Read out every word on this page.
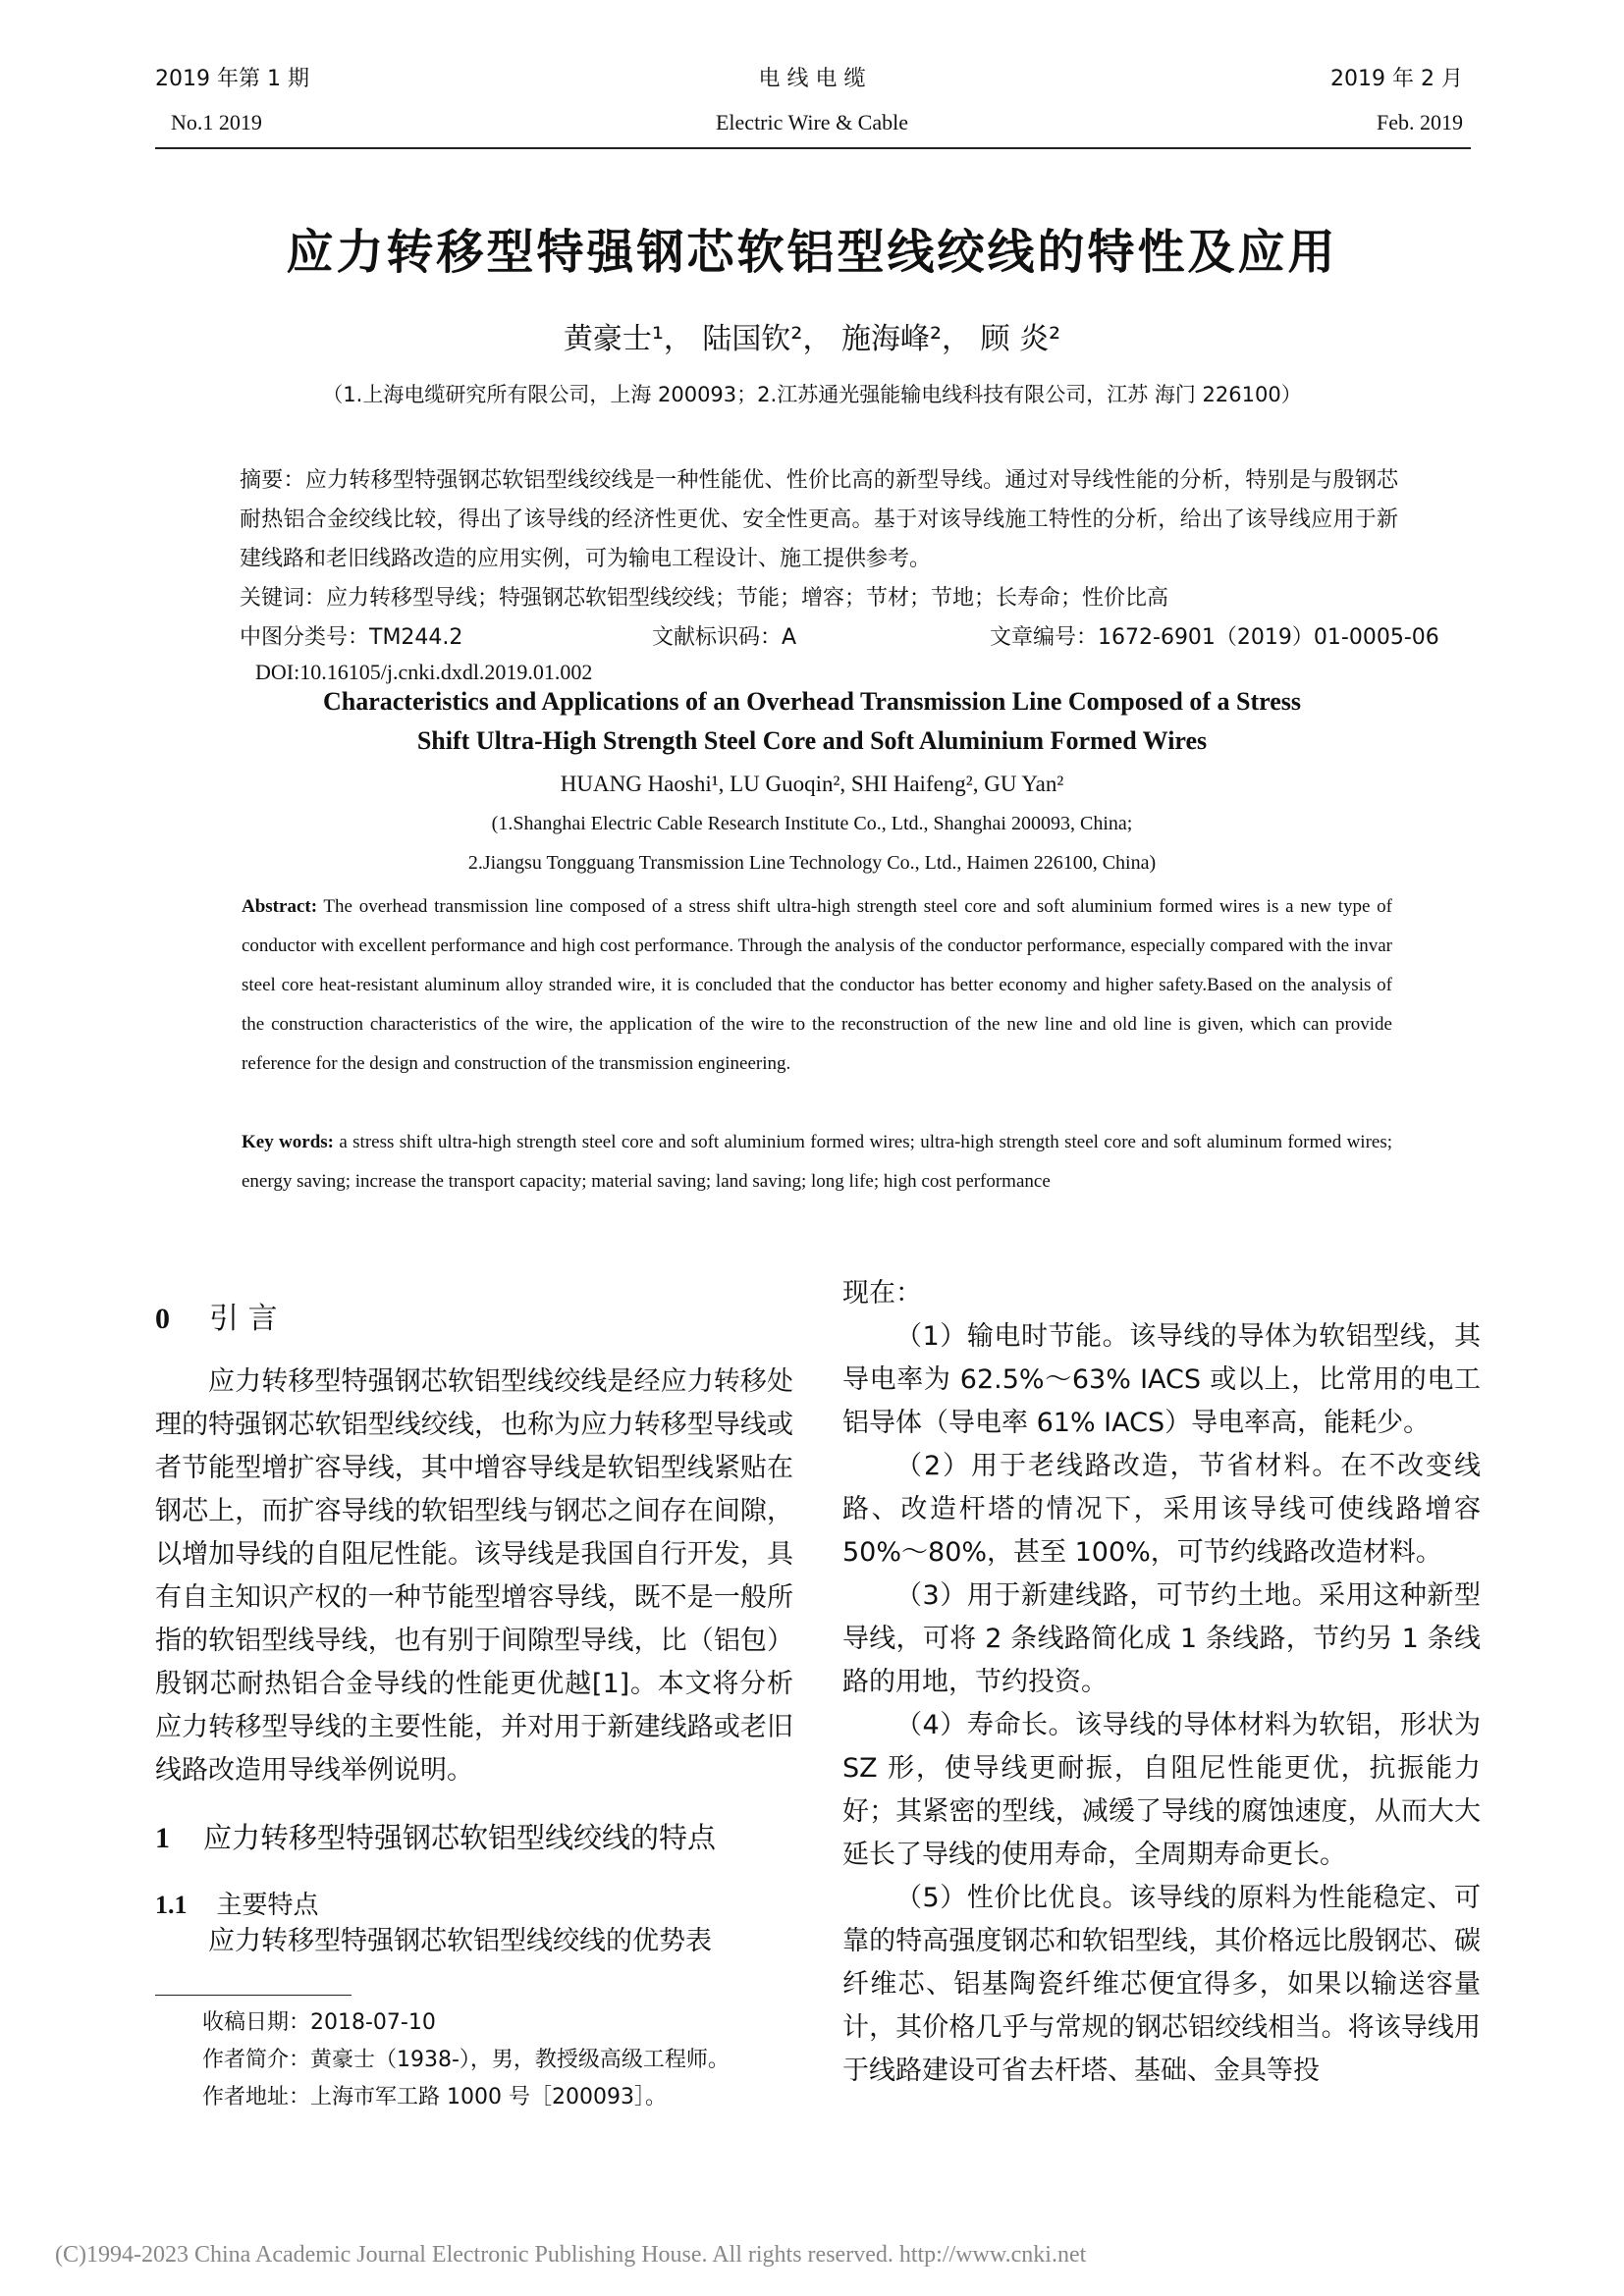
2019 年第 1 期
No.1 2019
电 线 电 缆
Electric Wire & Cable
2019 年 2 月
Feb. 2019
应力转移型特强钢芯软铝型线绞线的特性及应用
黄豪士¹， 陆国钦²， 施海峰²， 顾 炎²
（1.上海电缆研究所有限公司，上海 200093；2.江苏通光强能输电线科技有限公司，江苏 海门 226100）

摘要：应力转移型特强钢芯软铝型线绞线是一种性能优、性价比高的新型导线。通过对导线性能的分析，特别是与殷钢芯耐热铝合金绞线比较，得出了该导线的经济性更优、安全性更高。基于对该导线施工特性的分析，给出了该导线应用于新建线路和老旧线路改造的应用实例，可为输电工程设计、施工提供参考。

关键词：应力转移型导线；特强钢芯软铝型线绞线；节能；增容；节材；节地；长寿命；性价比高

中图分类号：TM244.2	文献标识码：A	文章编号：1672-6901（2019）01-0005-06
DOI:10.16105/j.cnki.dxdl.2019.01.002
Characteristics and Applications of an Overhead Transmission Line Composed of a Stress
Shift Ultra-High Strength Steel Core and Soft Aluminium Formed Wires
HUANG Haoshi¹, LU Guoqin², SHI Haifeng², GU Yan²
(1.Shanghai Electric Cable Research Institute Co., Ltd., Shanghai 200093, China;
2.Jiangsu Tongguang Transmission Line Technology Co., Ltd., Haimen 226100, China)

Abstract: The overhead transmission line composed of a stress shift ultra-high strength steel core and soft aluminium formed wires is a new type of conductor with excellent performance and high cost performance. Through the analysis of the conductor performance, especially compared with the invar steel core heat-resistant aluminum alloy stranded wire, it is concluded that the conductor has better economy and higher safety.Based on the analysis of the construction characteristics of the wire, the application of the wire to the reconstruction of the new line and old line is given, which can provide reference for the design and construction of the transmission engineering.

Key words: a stress shift ultra-high strength steel core and soft aluminium formed wires; ultra-high strength steel core and soft aluminum formed wires; energy saving; increase the transport capacity; material saving; land saving; long life; high cost performance

0 引 言

应力转移型特强钢芯软铝型线绞线是经应力转移处理的特强钢芯软铝型线绞线，也称为应力转移型导线或者节能型增扩容导线，其中增容导线是软铝型线紧贴在钢芯上，而扩容导线的软铝型线与钢芯之间存在间隙，以增加导线的自阻尼性能。该导线是我国自行开发，具有自主知识产权的一种节能型增容导线，既不是一般所指的软铝型线导线，也有别于间隙型导线，比（铝包）殷钢芯耐热铝合金导线的性能更优越[1]。本文将分析应力转移型导线的主要性能，并对用于新建线路或老旧线路改造用导线举例说明。

1 应力转移型特强钢芯软铝型线绞线的特点
1.1 主要特点

应力转移型特强钢芯软铝型线绞线的优势表

收稿日期：2018-07-10
作者简介：黄豪士（1938-），男，教授级高级工程师。
作者地址：上海市军工路 1000 号［200093］。
现在：

（1）输电时节能。该导线的导体为软铝型线，其导电率为 62.5%～63% IACS 或以上，比常用的电工铝导体（导电率 61% IACS）导电率高，能耗少。

（2）用于老线路改造，节省材料。在不改变线路、改造杆塔的情况下，采用该导线可使线路增容 50%～80%，甚至 100%，可节约线路改造材料。

（3）用于新建线路，可节约土地。采用这种新型导线，可将 2 条线路简化成 1 条线路，节约另 1 条线路的用地，节约投资。

（4）寿命长。该导线的导体材料为软铝，形状为 SZ 形，使导线更耐振，自阻尼性能更优，抗振能力好；其紧密的型线，减缓了导线的腐蚀速度，从而大大延长了导线的使用寿命，全周期寿命更长。

（5）性价比优良。该导线的原料为性能稳定、可靠的特高强度钢芯和软铝型线，其价格远比殷钢芯、碳纤维芯、铝基陶瓷纤维芯便宜得多，如果以输送容量计，其价格几乎与常规的钢芯铝绞线相当。将该导线用于线路建设可省去杆塔、基础、金具等投

(C)1994-2023 China Academic Journal Electronic Publishing House. All rights reserved. http://www.cnki.net
